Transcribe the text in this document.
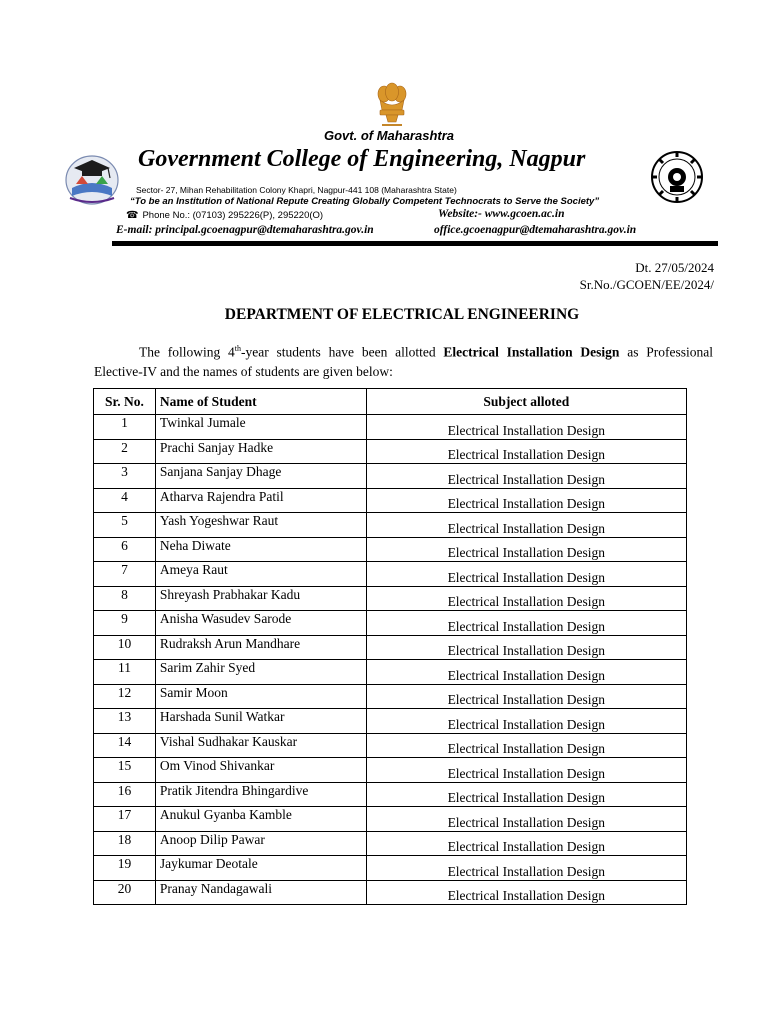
Govt. of Maharashtra
Government College of Engineering, Nagpur
Sector- 27, Mihan Rehabilitation Colony Khapri, Nagpur-441 108 (Maharashtra State)
“To be an Institution of National Repute Creating Globally Competent Technocrats to Serve the Society”
☎ Phone No.: (07103) 295226(P), 295220(O)	Website:- www.gcoen.ac.in
E-mail: principal.gcoenagpur@dtemaharashtra.gov.in	office.gcoenagpur@dtemaharashtra.gov.in
Dt. 27/05/2024
Sr.No./GCOEN/EE/2024/
DEPARTMENT OF ELECTRICAL ENGINEERING
The following 4th-year students have been allotted Electrical Installation Design as Professional Elective-IV and the names of students are given below:
Sr. No.	Name of Student	Subject alloted
1	Twinkal Jumale	Electrical Installation Design
2	Prachi Sanjay Hadke	Electrical Installation Design
3	Sanjana Sanjay Dhage	Electrical Installation Design
4	Atharva Rajendra Patil	Electrical Installation Design
5	Yash Yogeshwar Raut	Electrical Installation Design
6	Neha Diwate	Electrical Installation Design
7	Ameya Raut	Electrical Installation Design
8	Shreyash Prabhakar Kadu	Electrical Installation Design
9	Anisha Wasudev Sarode	Electrical Installation Design
10	Rudraksh Arun Mandhare	Electrical Installation Design
11	Sarim Zahir Syed	Electrical Installation Design
12	Samir Moon	Electrical Installation Design
13	Harshada Sunil Watkar	Electrical Installation Design
14	Vishal Sudhakar Kauskar	Electrical Installation Design
15	Om Vinod Shivankar	Electrical Installation Design
16	Pratik Jitendra Bhingardive	Electrical Installation Design
17	Anukul Gyanba Kamble	Electrical Installation Design
18	Anoop Dilip Pawar	Electrical Installation Design
19	Jaykumar Deotale	Electrical Installation Design
20	Pranay Nandagawali	Electrical Installation Design
